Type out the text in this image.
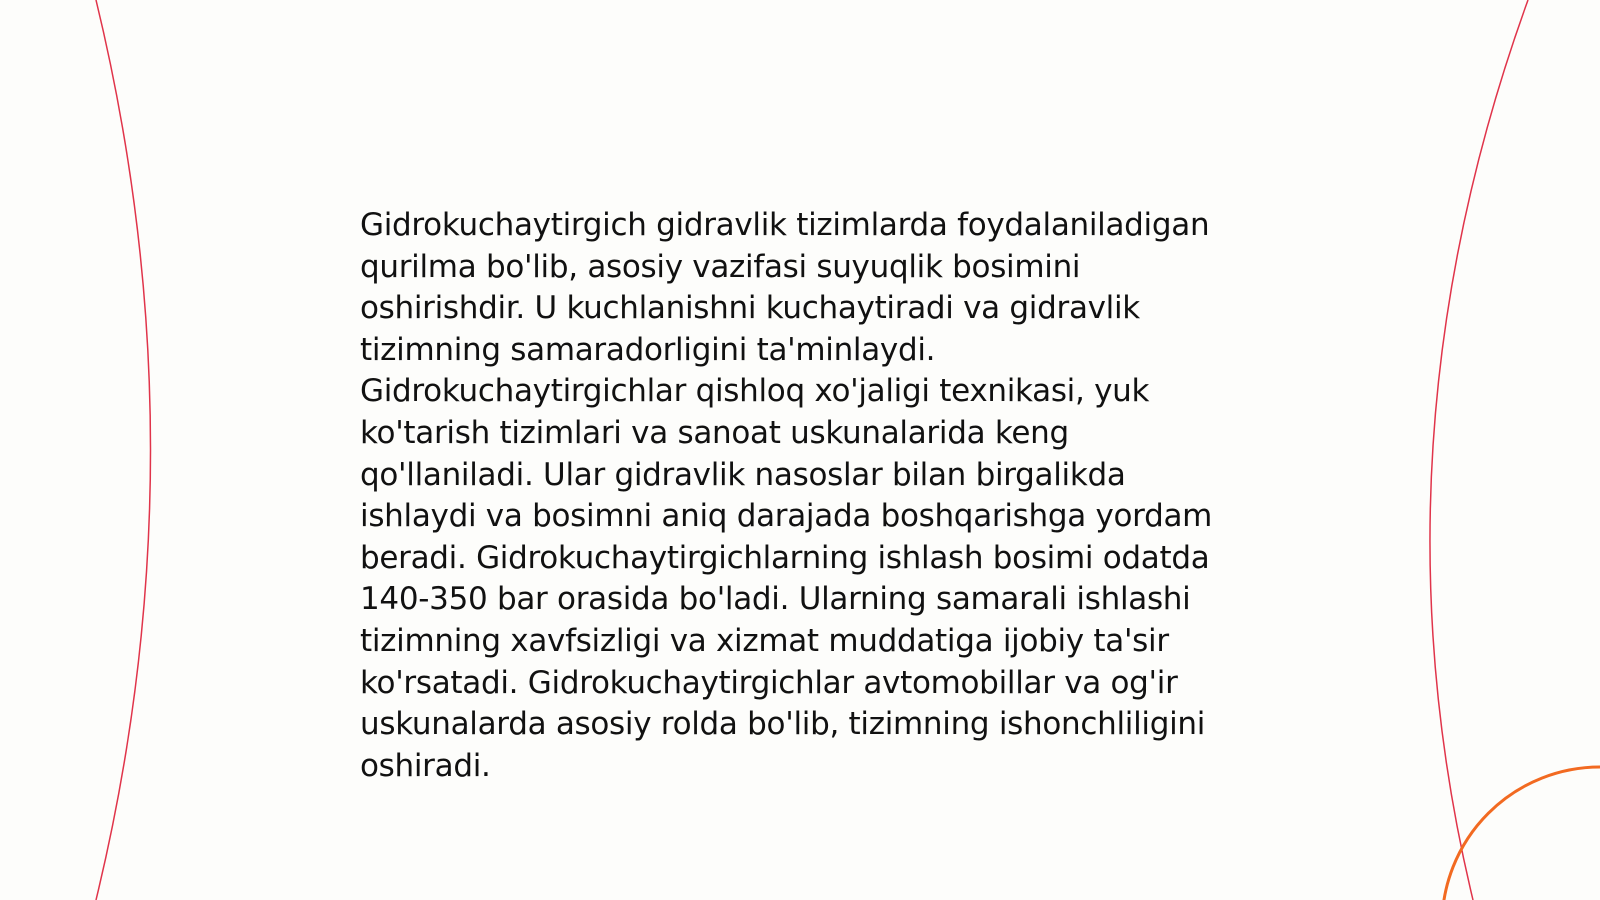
Gidrokuchaytirgich gidravlik tizimlarda foydalaniladigan qurilma bo'lib, asosiy vazifasi suyuqlik bosimini oshirishdir. U kuchlanishni kuchaytiradi va gidravlik tizimning samaradorligini ta'minlaydi. Gidrokuchaytirgichlar qishloq xo'jaligi texnikasi, yuk ko'tarish tizimlari va sanoat uskunalarida keng qo'llaniladi. Ular gidravlik nasoslar bilan birgalikda ishlaydi va bosimni aniq darajada boshqarishga yordam beradi. Gidrokuchaytirgichlarning ishlash bosimi odatda 140-350 bar orasida bo'ladi. Ularning samarali ishlashi tizimning xavfsizligi va xizmat muddatiga ijobiy ta'sir ko'rsatadi. Gidrokuchaytirgichlar avtomobillar va og'ir uskunalarda asosiy rolda bo'lib, tizimning ishonchliligini oshiradi.
